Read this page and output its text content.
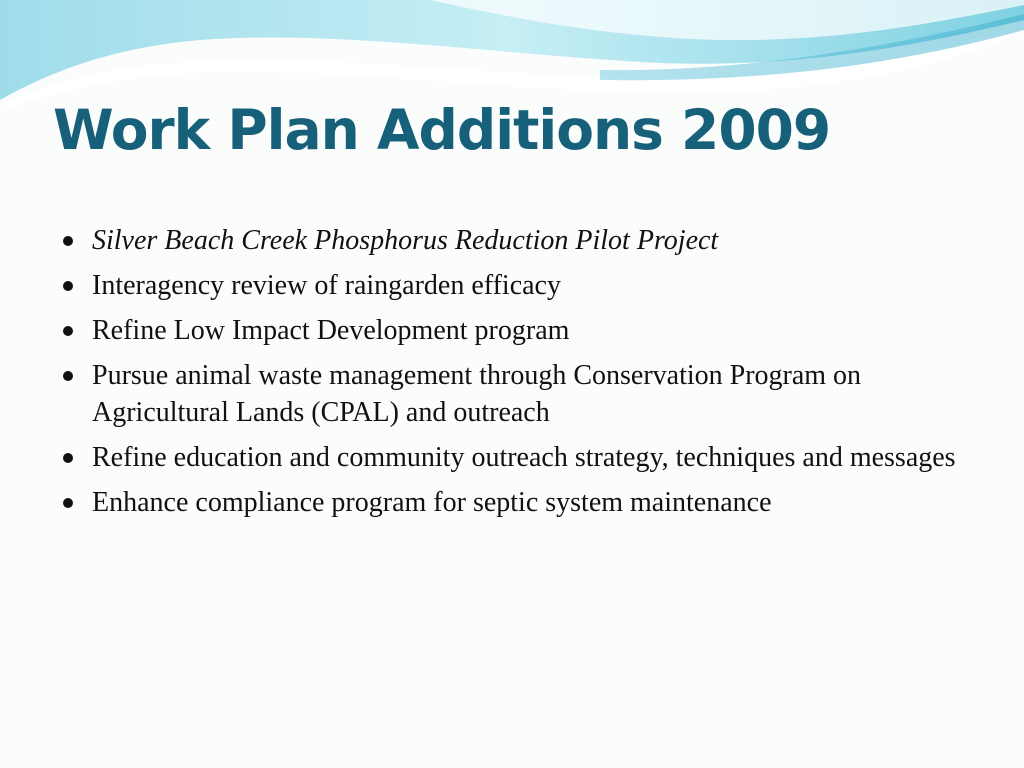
Work Plan Additions 2009
Silver Beach Creek Phosphorus Reduction Pilot Project
Interagency review of raingarden efficacy
Refine Low Impact Development program
Pursue animal waste management through Conservation Program on Agricultural Lands (CPAL) and outreach
Refine education and community outreach strategy, techniques and messages
Enhance compliance program for septic system maintenance
